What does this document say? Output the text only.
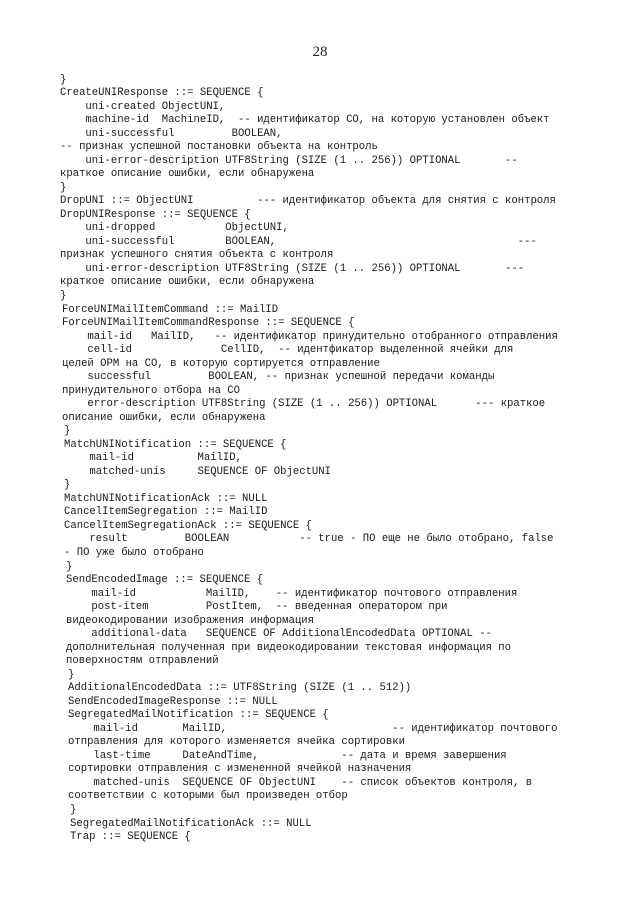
28
}
CreateUNIResponse ::= SEQUENCE {
uni-created ObjectUNI,
machine-id  MachineID,  -- идентификатор СО, на которую установлен объект
uni-successful         BOOLEAN,
-- признак успешной постановки объекта на контроль
uni-error-description UTF8String (SIZE (1 .. 256)) OPTIONAL       --
краткое описание ошибки, если обнаружена
}
DropUNI ::= ObjectUNI          --- идентификатор объекта для снятия с контроля
DropUNIResponse ::= SEQUENCE {
uni-dropped           ObjectUNI,
uni-successful        BOOLEAN,                                      ---
признак успешного снятия объекта с контроля
uni-error-description UTF8String (SIZE (1 .. 256)) OPTIONAL       ---
краткое описание ошибки, если обнаружена
}
ForceUNIMailItemCommand ::= MailID
ForceUNIMailItemCommandResponse ::= SEQUENCE {
mail-id   MailID,   -- идентификатор принудительно отобранного отправления
cell-id              CellID,  -- идентфикатор выделенной ячейки для
целей ОРМ на СО, в которую сортируется отправление
successful         BOOLEAN, -- признак успешной передачи команды
принудительного отбора на СО
error-description UTF8String (SIZE (1 .. 256)) OPTIONAL      --- краткое
описание ошибки, если обнаружена
}
MatchUNINotification ::= SEQUENCE {
mail-id          MailID,
matched-unis     SEQUENCE OF ObjectUNI
}
MatchUNINotificationAck ::= NULL
CancelItemSegregation ::= MailID
CancelItemSegregationAck ::= SEQUENCE {
result         BOOLEAN           -- true - ПО еще не было отобрано, false
- ПО уже было отобрано
}
SendEncodedImage ::= SEQUENCE {
mail-id           MailID,    -- идентификатор почтового отправления
post-item         PostItem,  -- введенная оператором при
видеокодировании изображения информация
additional-data   SEQUENCE OF AdditionalEncodedData OPTIONAL --
дополнительная полученная при видеокодировании текстовая информация по
поверхностям отправлений
}
AdditionalEncodedData ::= UTF8String (SIZE (1 .. 512))
SendEncodedImageResponse ::= NULL
SegregatedMailNotification ::= SEQUENCE {
mail-id       MailID,                          -- идентификатор почтового
отправления для которого изменяется ячейка сортировки
last-time     DateAndTime,             -- дата и время завершения
сортировки отправления с измененной ячейкой назначения
matched-unis  SEQUENCE OF ObjectUNI    -- список объектов контроля, в
соответствии с которыми был произведен отбор
}
SegregatedMailNotificationAck ::= NULL
Trap ::= SEQUENCE {
